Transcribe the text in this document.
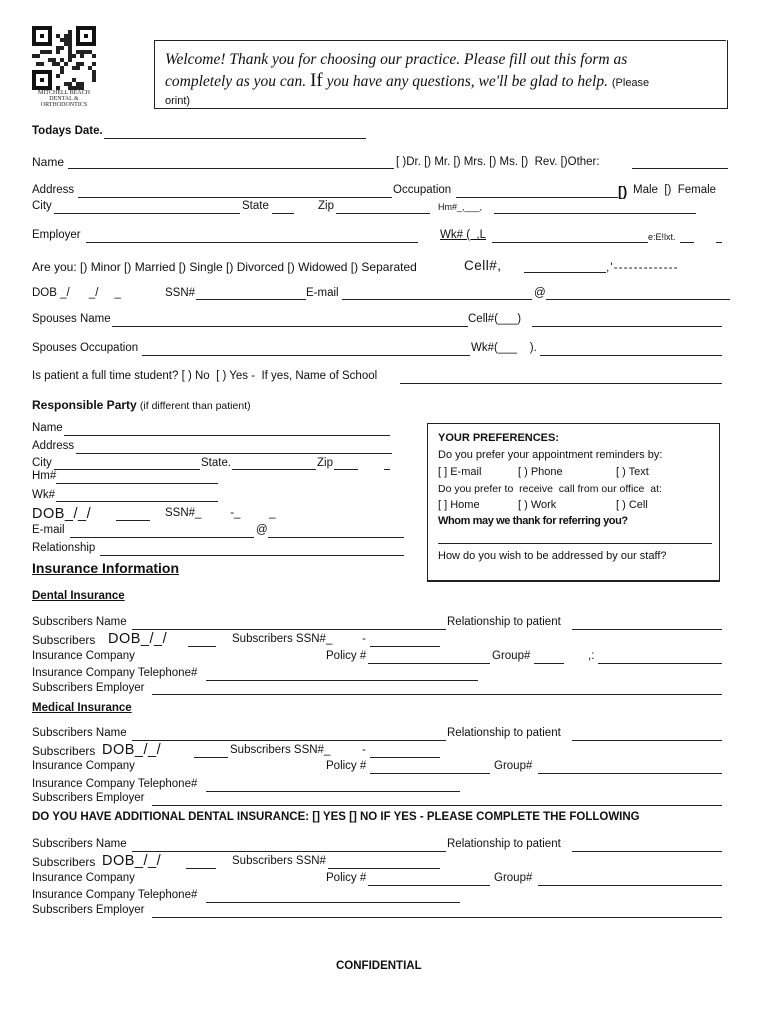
MITCHELL BEACH
DENTAL &
ORTHODONTICS
Welcome! Thank you for choosing our practice. Please fill out this form as
completely as you can. If you have any questions, we'll be glad to help. (Please
orint)
Todays Date.
Name	[ )Dr. [) Mr. [) Mrs. [) Ms. [)  Rev. [)Other:
Address	Occupation	[) Male  [)  Female
City	State	Zip	Hm#_,___,
Employer	Wk# (  ,L	e:E!lxt.
Are you: [) Minor [) Married [) Single [) Divorced [) Widowed [) Separated	Cell#,	,'-------------
DOB _/      _/     _	SSN#	E-mail	@
Spouses Name	Cell#(___)
Spouses Occupation	Wk#(___    ).
Is patient a full time student? [ ) No  [ ) Yes -  If yes, Name of School
Responsible Party (if different than patient)
Name
Address
City	State.	Zip
Hm#
Wk#
DOB_/_/	SSN#_         -_         _
E-mail	@
Relationship
YOUR PREFERENCES:
Do you prefer your appointment reminders by:
[ ] E-mail	[ ) Phone	[ ) Text
Do you prefer to  receive  call from our office  at:
[ ] Home	[ ) Work	[ ) Cell
Whom may we thank for referring you?
How do you wish to be addressed by our staff?
Insurance Information
Dental Insurance
Subscribers Name	Relationship to patient
Subscribers DOB_/_/	Subscribers SSN#_	-
Insurance Company	Policy #	Group#	,:
Insurance Company Telephone#
Subscribers Employer
Medical Insurance
Subscribers Name	Relationship to patient
Subscribers DOB_/_/	Subscribers SSN#_	-
Insurance Company	Policy #	Group#
Insurance Company Telephone#
Subscribers Employer
DO YOU HAVE ADDITIONAL DENTAL INSURANCE: [] YES [] NO IF YES - PLEASE COMPLETE THE FOLLOWING
Subscribers Name	Relationship to patient
Subscribers DOB_/_/	Subscribers SSN#
Insurance Company	Policy #	Group#
Insurance Company Telephone#
Subscribers Employer
CONFIDENTIAL
